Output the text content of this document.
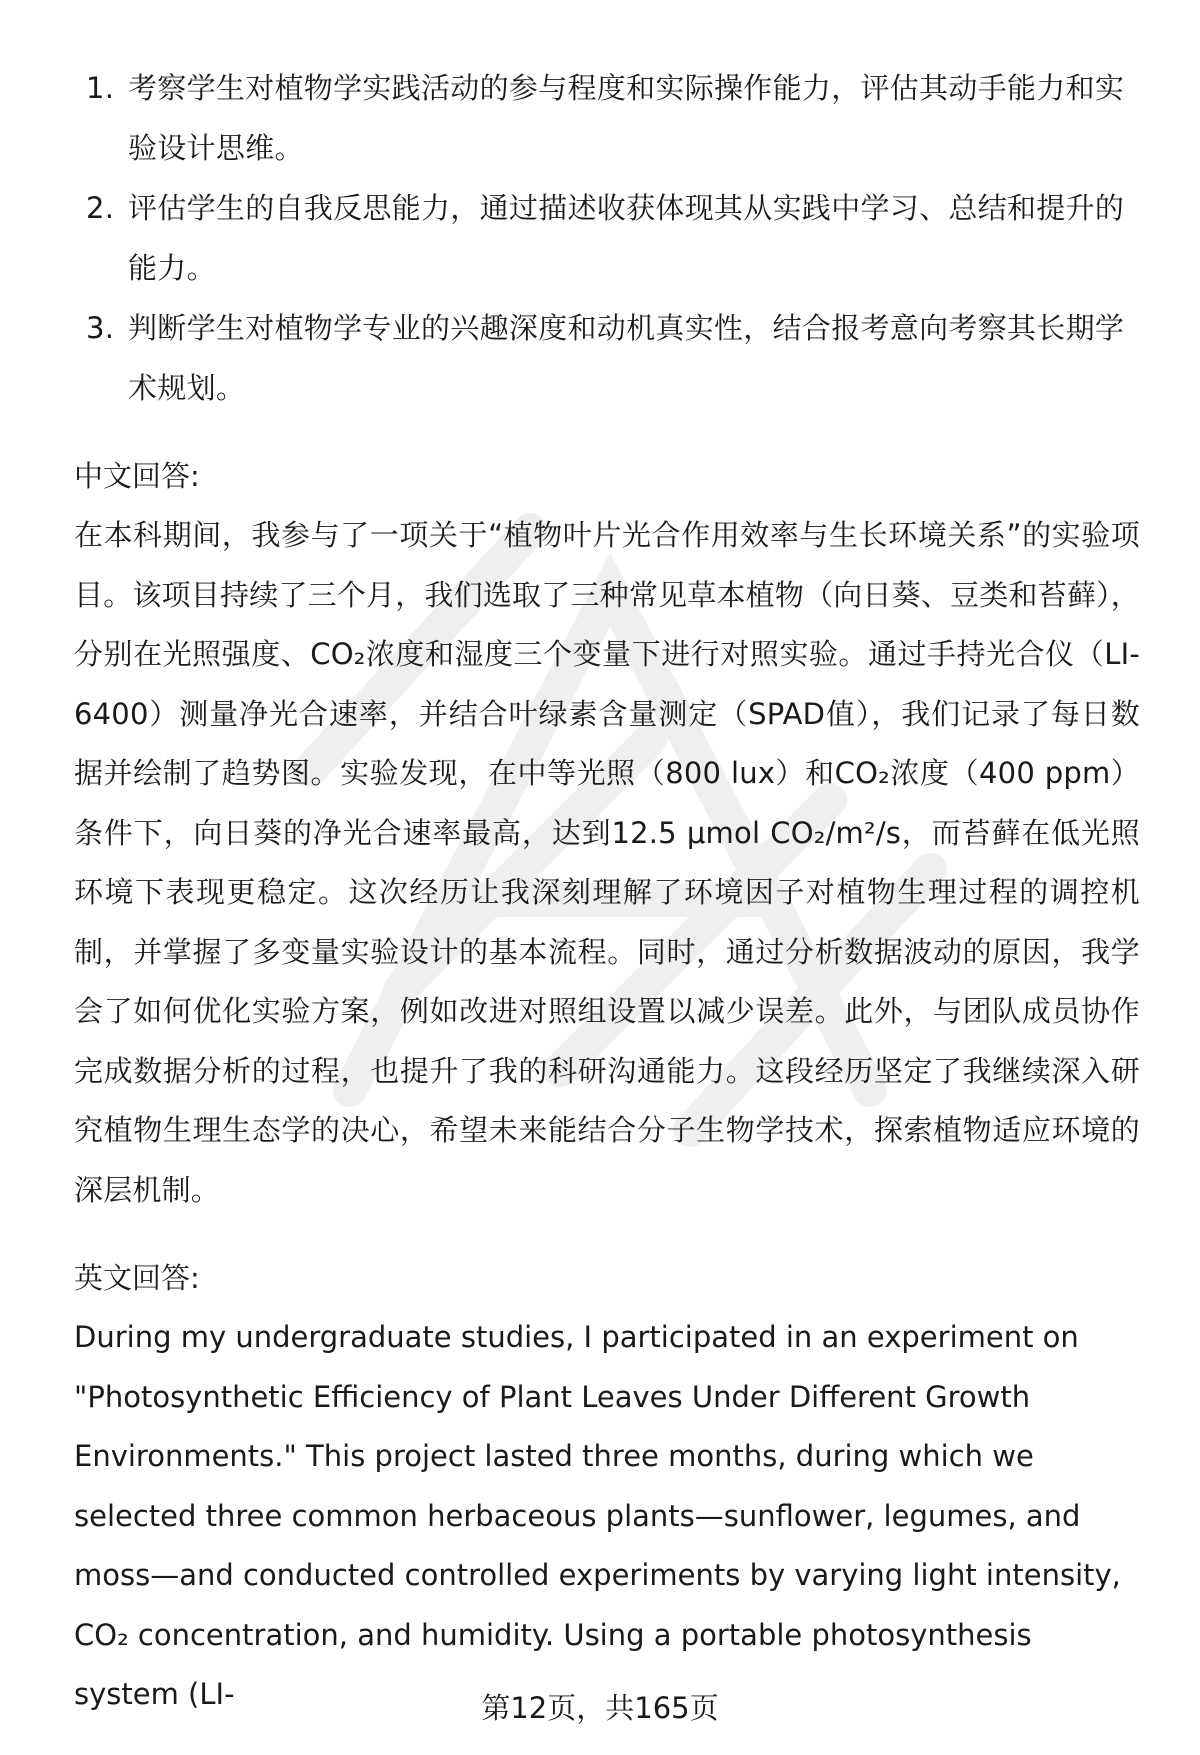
1. 考察学生对植物学实践活动的参与程度和实际操作能力，评估其动手能力和实验设计思维。
2. 评估学生的自我反思能力，通过描述收获体现其从实践中学习、总结和提升的能力。
3. 判断学生对植物学专业的兴趣深度和动机真实性，结合报考意向考察其长期学术规划。
中文回答:

在本科期间，我参与了一项关于“植物叶片光合作用效率与生长环境关系”的实验项目。该项目持续了三个月，我们选取了三种常见草本植物（向日葵、豆类和苔藓），分别在光照强度、CO₂浓度和湿度三个变量下进行对照实验。通过手持光合仪（LI-6400）测量净光合速率，并结合叶绿素含量测定（SPAD值），我们记录了每日数据并绘制了趋势图。实验发现，在中等光照（800 lux）和CO₂浓度（400 ppm）条件下，向日葵的净光合速率最高，达到12.5 μmol CO₂/m²/s，而苔藓在低光照环境下表现更稳定。这次经历让我深刻理解了环境因子对植物生理过程的调控机制，并掌握了多变量实验设计的基本流程。同时，通过分析数据波动的原因，我学会了如何优化实验方案，例如改进对照组设置以减少误差。此外，与团队成员协作完成数据分析的过程，也提升了我的科研沟通能力。这段经历坚定了我继续深入研究植物生理生态学的决心，希望未来能结合分子生物学技术，探索植物适应环境的深层机制。

英文回答:

During my undergraduate studies, I participated in an experiment on "Photosynthetic Efficiency of Plant Leaves Under Different Growth Environments." This project lasted three months, during which we selected three common herbaceous plants—sunflower, legumes, and moss—and conducted controlled experiments by varying light intensity, CO₂ concentration, and humidity. Using a portable photosynthesis system (LI-	第12页，共165页
